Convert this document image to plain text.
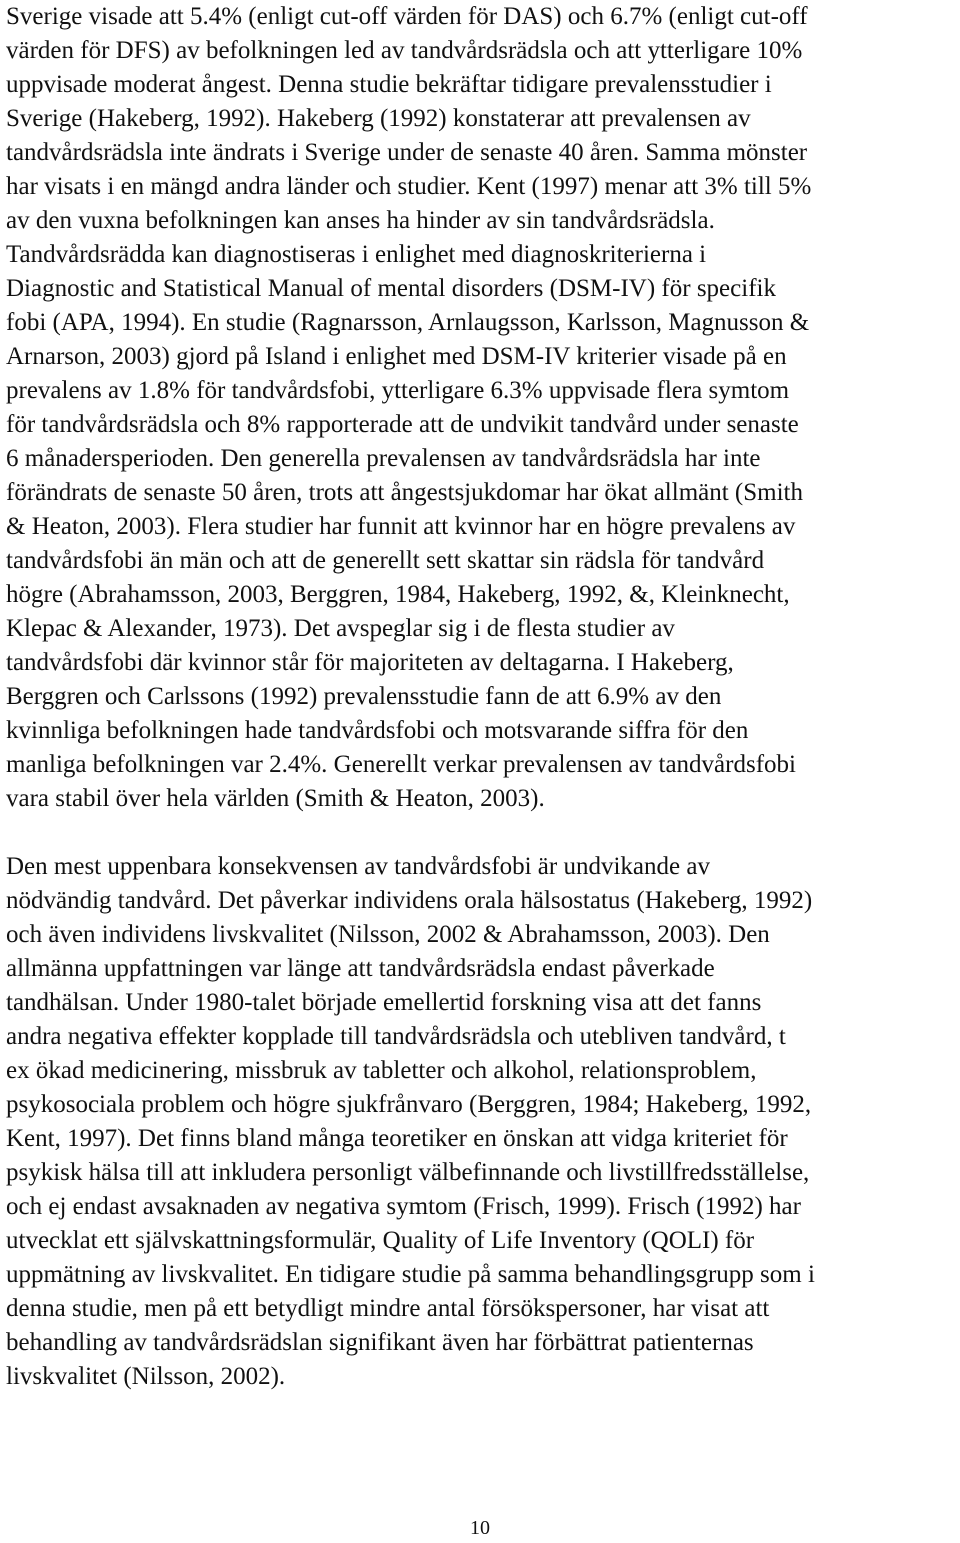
Sverige visade att 5.4% (enligt cut-off värden för DAS) och 6.7% (enligt cut-off
värden för DFS) av befolkningen led av tandvårdsrädsla och att ytterligare 10%
uppvisade moderat ångest. Denna studie bekräftar tidigare prevalensstudier i
Sverige (Hakeberg, 1992). Hakeberg (1992) konstaterar att prevalensen av
tandvårdsrädsla inte ändrats i Sverige under de senaste 40 åren. Samma mönster
har visats i en mängd andra länder och studier. Kent (1997) menar att 3% till 5%
av den vuxna befolkningen kan anses ha hinder av sin tandvårdsrädsla.
Tandvårdsrädda kan diagnostiseras i enlighet med diagnoskriterierna i
Diagnostic and Statistical Manual of mental disorders (DSM-IV) för specifik
fobi (APA, 1994). En studie (Ragnarsson, Arnlaugsson, Karlsson, Magnusson &
Arnarson, 2003) gjord på Island i enlighet med DSM-IV kriterier visade på en
prevalens av 1.8% för tandvårdsfobi, ytterligare 6.3% uppvisade flera symtom
för tandvårdsrädsla och 8% rapporterade att de undvikit tandvård under senaste
6 månadersperioden. Den generella prevalensen av tandvårdsrädsla har inte
förändrats de senaste 50 åren, trots att ångestsjukdomar har ökat allmänt (Smith
& Heaton, 2003). Flera studier har funnit att kvinnor har en högre prevalens av
tandvårdsfobi än män och att de generellt sett skattar sin rädsla för tandvård
högre (Abrahamsson, 2003, Berggren, 1984, Hakeberg, 1992, &, Kleinknecht,
Klepac & Alexander, 1973). Det avspeglar sig i de flesta studier av
tandvårdsfobi där kvinnor står för majoriteten av deltagarna. I Hakeberg,
Berggren och Carlssons (1992) prevalensstudie fann de att 6.9% av den
kvinnliga befolkningen hade tandvårdsfobi och motsvarande siffra för den
manliga befolkningen var 2.4%. Generellt verkar prevalensen av tandvårdsfobi
vara stabil över hela världen (Smith & Heaton, 2003).

Den mest uppenbara konsekvensen av tandvårdsfobi är undvikande av
nödvändig tandvård. Det påverkar individens orala hälsostatus (Hakeberg, 1992)
och även individens livskvalitet (Nilsson, 2002 & Abrahamsson, 2003). Den
allmänna uppfattningen var länge att tandvårdsrädsla endast påverkade
tandhälsan. Under 1980-talet började emellertid forskning visa att det fanns
andra negativa effekter kopplade till tandvårdsrädsla och utebliven tandvård, t
ex ökad medicinering, missbruk av tabletter och alkohol, relationsproblem,
psykosociala problem och högre sjukfrånvaro (Berggren, 1984; Hakeberg, 1992,
Kent, 1997). Det finns bland många teoretiker en önskan att vidga kriteriet för
psykisk hälsa till att inkludera personligt välbefinnande och livstillfredsställelse,
och ej endast avsaknaden av negativa symtom (Frisch, 1999). Frisch (1992) har
utvecklat ett självskattningsformulär, Quality of Life Inventory (QOLI) för
uppmätning av livskvalitet. En tidigare studie på samma behandlingsgrupp som i
denna studie, men på ett betydligt mindre antal försökspersoner, har visat att
behandling av tandvårdsrädslan signifikant även har förbättrat patienternas
livskvalitet (Nilsson, 2002).

10
